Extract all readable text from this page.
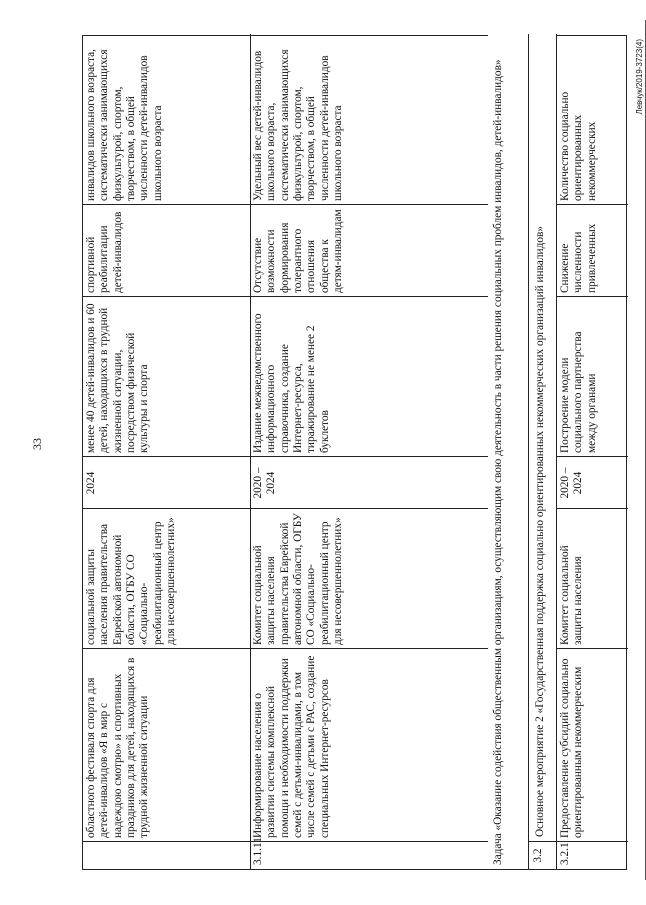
33
областного фестиваля спорта для детей-инвалидов «Я в мир с надеждою смотрю» и спортивных праздников для детей, находящихся в трудной жизненной ситуации
социальной защиты населения правительства Еврейской автономной области, ОГБУ СО «Социально-реабилитационный центр для несовершеннолетних»
2024
менее 40 детей-инвалидов и 60 детей, находящихся в трудной жизненной ситуации, посредством физической культуры и спорта
спортивной реабилитации детей-инвалидов
инвалидов школьного возраста, систематически занимающихся физкультурой, спортом, творчеством, в общей численности детей-инвалидов школьного возраста
3.1.11
Информирование населения о развитии системы комплексной помощи и необходимости поддержки семей с детьми-инвалидами, в том числе семей с детьми с РАС, создание специальных Интернет-ресурсов
Комитет социальной защиты населения правительства Еврейской автономной области, ОГБУ СО «Социально-реабилитационный центр для несовершеннолетних»
2020 – 2024
Издание межведомственного информационного справочника, создание Интернет-ресурса, тиражирование не менее 2 буклетов
Отсутствие возможности формирования толерантного отношения общества к детям-инвалидам
Удельный вес детей-инвалидов школьного возраста, систематически занимающихся физкультурой, спортом, творчеством, в общей численности детей-инвалидов школьного возраста	Задача «Оказание содействия общественным организациям, осуществляющим свою деятельность в части решения социальных проблем инвалидов, детей-инвалидов»	3.2
Основное мероприятие 2 «Государственная поддержка социально ориентированных некоммерческих организаций инвалидов»
3.2.1
Предоставление субсидий социально ориентированным некоммерческим
Комитет социальной защиты населения
2020 – 2024
Построение модели социального партнерства между органами
Снижение численности привлеченных
Количество социально ориентированных некоммерческих
Левчук/2019-3723(4)
